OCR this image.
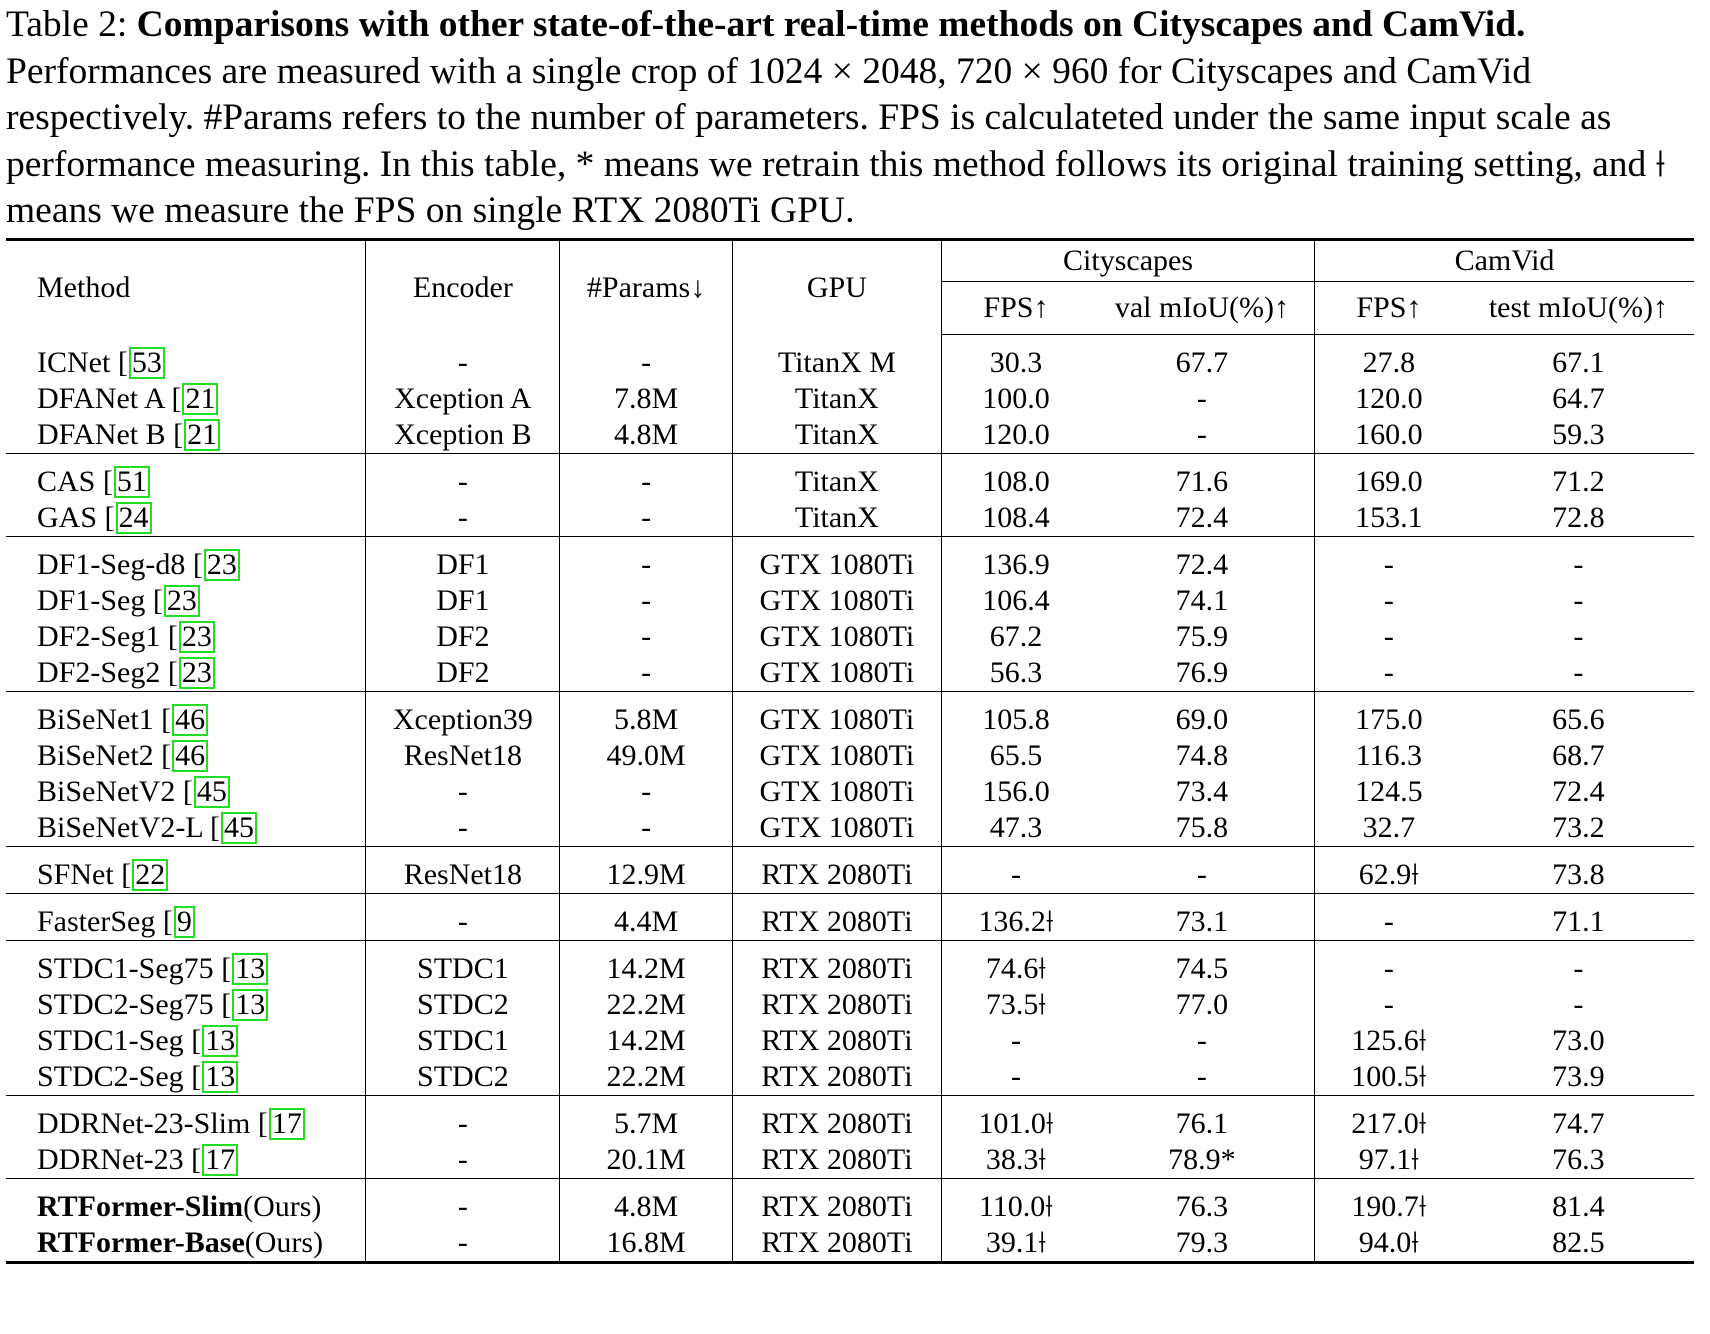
Table 2: Comparisons with other state-of-the-art real-time methods on Cityscapes and CamVid. Performances are measured with a single crop of 1024 × 2048, 720 × 960 for Cityscapes and CamVid respectively. #Params refers to the number of parameters. FPS is calculateted under the same input scale as performance measuring. In this table, * means we retrain this method follows its original training setting, and ⟊ means we measure the FPS on single RTX 2080Ti GPU.
Method	Encoder	#Params↓	GPU	Cityscapes		CamVid	
				FPS↑	val mIoU(%)↑	FPS↑	test mIoU(%)↑
ICNet [ 53	-	-	TitanX M	30.3	67.7	27.8	67.1
DFANet A [ 21	Xception A	7.8M	TitanX	100.0	-	120.0	64.7
DFANet B [ 21	Xception B	4.8M	TitanX	120.0	-	160.0	59.3
CAS [ 51	-	-	TitanX	108.0	71.6	169.0	71.2
GAS [ 24	-	-	TitanX	108.4	72.4	153.1	72.8
DF1-Seg-d8 [ 23	DF1	-	GTX 1080Ti	136.9	72.4	-	-
DF1-Seg [ 23	DF1	-	GTX 1080Ti	106.4	74.1	-	-
DF2-Seg1 [ 23	DF2	-	GTX 1080Ti	67.2	75.9	-	-
DF2-Seg2 [ 23	DF2	-	GTX 1080Ti	56.3	76.9	-	-
BiSeNet1 [ 46	Xception39	5.8M	GTX 1080Ti	105.8	69.0	175.0	65.6
BiSeNet2 [ 46	ResNet18	49.0M	GTX 1080Ti	65.5	74.8	116.3	68.7
BiSeNetV2 [ 45	-	-	GTX 1080Ti	156.0	73.4	124.5	72.4
BiSeNetV2-L [ 45	-	-	GTX 1080Ti	47.3	75.8	32.7	73.2
SFNet [ 22	ResNet18	12.9M	RTX 2080Ti	-	-	62.9⟊	73.8
FasterSeg [ 9	-	4.4M	RTX 2080Ti	136.2⟊	73.1	-	71.1
STDC1-Seg75 [ 13	STDC1	14.2M	RTX 2080Ti	74.6⟊	74.5	-	-
STDC2-Seg75 [ 13	STDC2	22.2M	RTX 2080Ti	73.5⟊	77.0	-	-
STDC1-Seg [ 13	STDC1	14.2M	RTX 2080Ti	-	-	125.6⟊	73.0
STDC2-Seg [ 13	STDC2	22.2M	RTX 2080Ti	-	-	100.5⟊	73.9
DDRNet-23-Slim [ 17	-	5.7M	RTX 2080Ti	101.0⟊	76.1	217.0⟊	74.7
DDRNet-23 [ 17	-	20.1M	RTX 2080Ti	38.3⟊	78.9*	97.1⟊	76.3
RTFormer-Slim(Ours)	-	4.8M	RTX 2080Ti	110.0⟊	76.3	190.7⟊	81.4
RTFormer-Base(Ours)	-	16.8M	RTX 2080Ti	39.1⟊	79.3	94.0⟊	82.5
